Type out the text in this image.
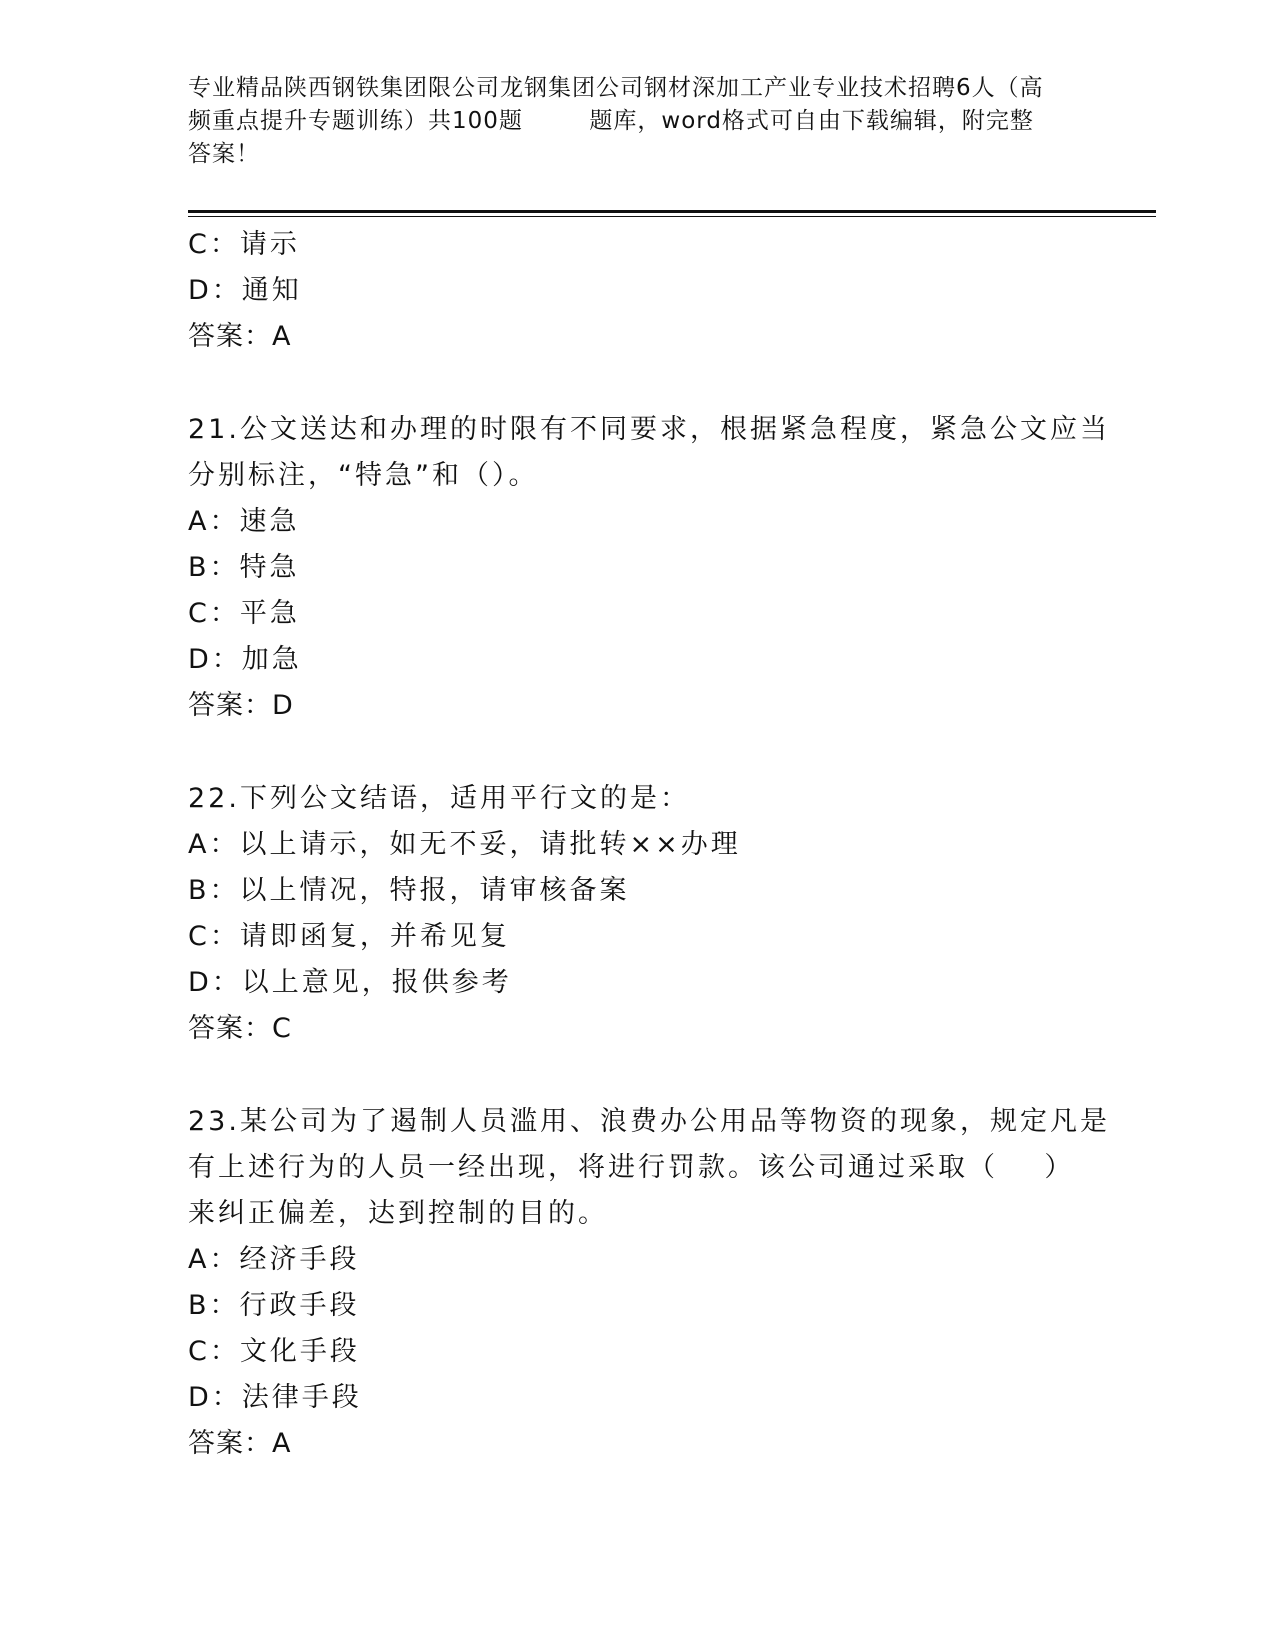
专业精品陕西钢铁集团限公司龙钢集团公司钢材深加工产业专业技术招聘6人（高
频重点提升专题训练）共100题        题库，word格式可自由下载编辑，附完整
答案！
C：请示
D：通知
答案：A
21.公文送达和办理的时限有不同要求，根据紧急程度，紧急公文应当
分别标注，“特急”和（）。
A：速急
B：特急
C：平急
D：加急
答案：D
22.下列公文结语，适用平行文的是：
A：以上请示，如无不妥，请批转××办理
B：以上情况，特报，请审核备案
C：请即函复，并希见复
D：以上意见，报供参考
答案：C
23.某公司为了遏制人员滥用、浪费办公用品等物资的现象，规定凡是
有上述行为的人员一经出现，将进行罚款。该公司通过采取（    ）
来纠正偏差，达到控制的目的。
A：经济手段
B：行政手段
C：文化手段
D：法律手段
答案：A
